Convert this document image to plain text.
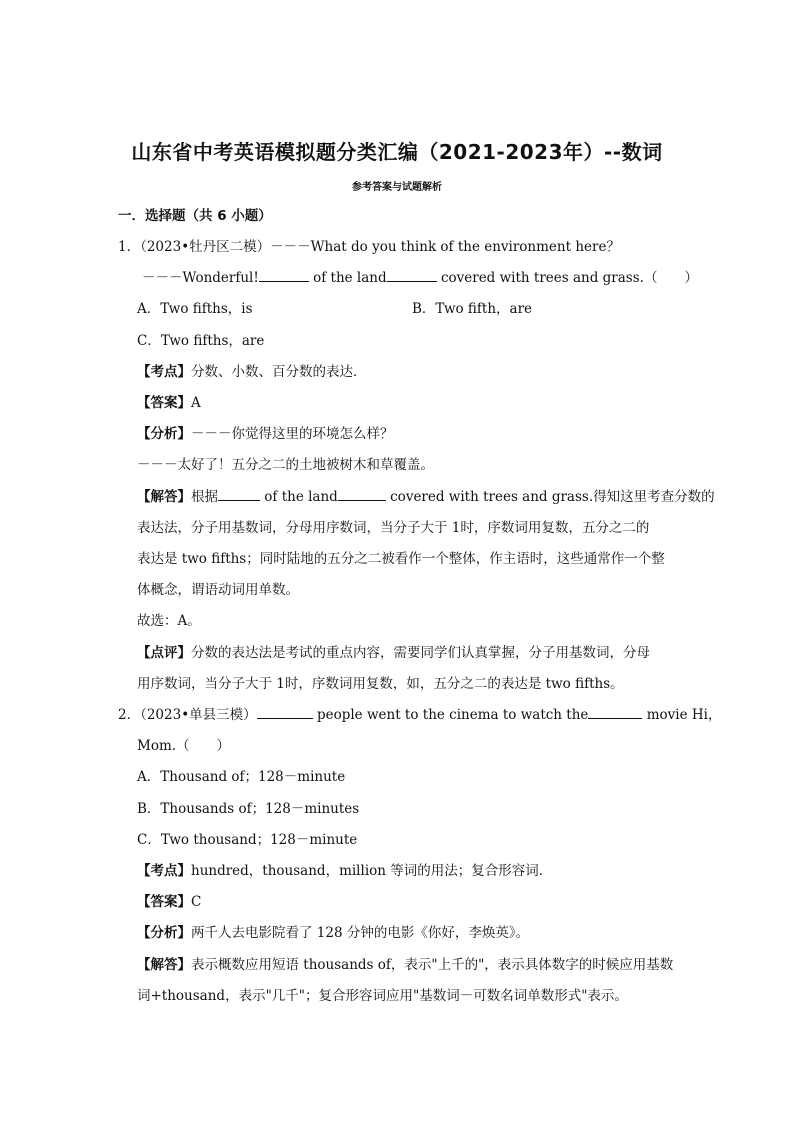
山东省中考英语模拟题分类汇编（2021-2023年）--数词
参考答案与试题解析
一．选择题（共 6 小题）
1．（2023•牡丹区二模）－－－What do you think of the environment here？
－－－Wonderful!	of the land	covered with trees and grass.（　　）
A．Two fifths，is	B．Two fifth，are
C．Two fifths，are
【考点】分数、小数、百分数的表达．
【答案】A
【分析】－－－你觉得这里的环境怎么样？
－－－太好了！五分之二的土地被树木和草覆盖。
【解答】根据	of the land	covered with trees and grass.得知这里考查分数的
表达法，分子用基数词，分母用序数词，当分子大于 1时，序数词用复数，五分之二的
表达是 two fifths；同时陆地的五分之二被看作一个整体，作主语时，这些通常作一个整
体概念，谓语动词用单数。
故选：A。
【点评】分数的表达法是考试的重点内容，需要同学们认真掌握，分子用基数词，分母
用序数词，当分子大于 1时，序数词用复数，如，五分之二的表达是 two fifths。
2．（2023•单县三模）	people went to the cinema to watch the	movie Hi，
Mom.（　　）
A．Thousand of；128－minute
B．Thousands of；128－minutes
C．Two thousand；128－minute
【考点】hundred，thousand，million 等词的用法；复合形容词．
【答案】C
【分析】两千人去电影院看了 128 分钟的电影《你好，李焕英》。
【解答】表示概数应用短语 thousands of，表示"上千的"，表示具体数字的时候应用基数
词+thousand，表示"几千"；复合形容词应用"基数词－可数名词单数形式"表示。
